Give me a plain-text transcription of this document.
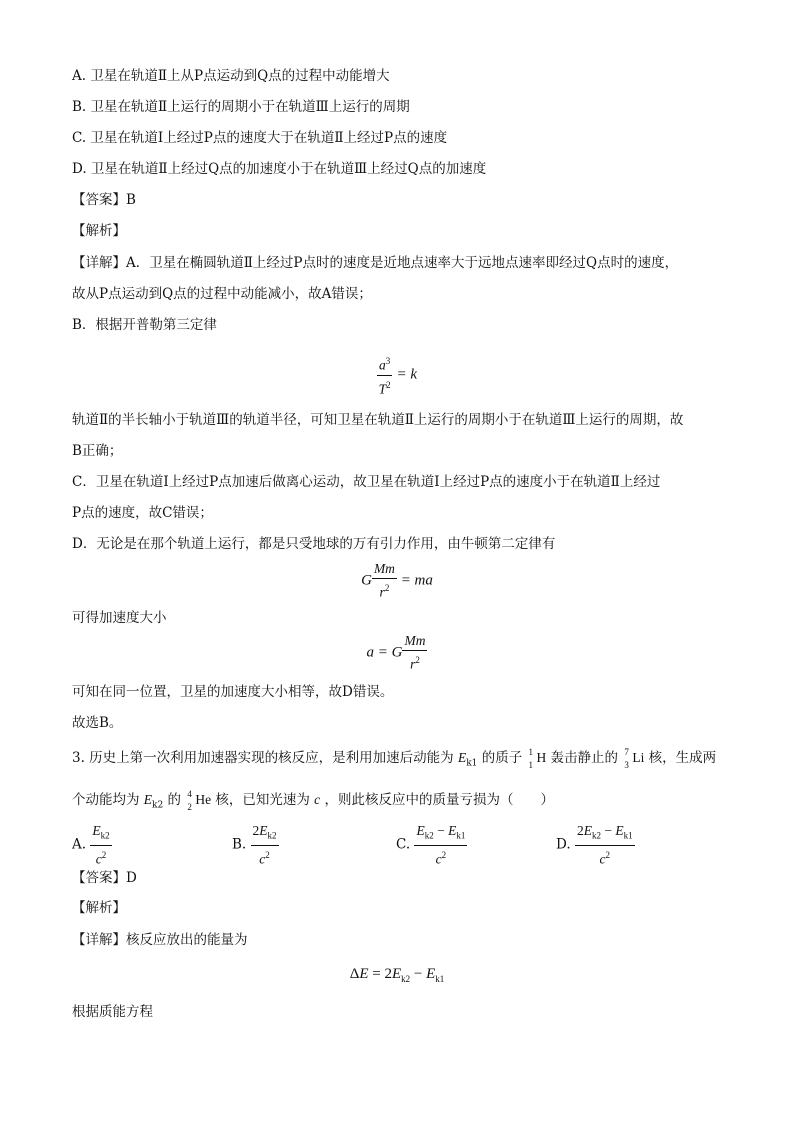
A. 卫星在轨道Ⅱ上从P点运动到Q点的过程中动能增大
B. 卫星在轨道Ⅱ上运行的周期小于在轨道Ⅲ上运行的周期
C. 卫星在轨道Ⅰ上经过P点的速度大于在轨道Ⅱ上经过P点的速度
D. 卫星在轨道Ⅱ上经过Q点的加速度小于在轨道Ⅲ上经过Q点的加速度
【答案】B
【解析】
【详解】A．卫星在椭圆轨道Ⅱ上经过P点时的速度是近地点速率大于远地点速率即经过Q点时的速度，
故从P点运动到Q点的过程中动能减小，故A错误；
B．根据开普勒第三定律
$\frac{a^3}{T^2} = k$
轨道Ⅱ的半长轴小于轨道Ⅲ的轨道半径，可知卫星在轨道Ⅱ上运行的周期小于在轨道Ⅲ上运行的周期，故
B正确；
C．卫星在轨道Ⅰ上经过P点加速后做离心运动，故卫星在轨道Ⅰ上经过P点的速度小于在轨道Ⅱ上经过
P点的速度，故C错误；
D．无论是在那个轨道上运行，都是只受地球的万有引力作用，由牛顿第二定律有
G $\frac{Mm}{r^2}$ = ma
可得加速度大小
a = G $\frac{Mm}{r^2}$
可知在同一位置，卫星的加速度大小相等，故D错误。
故选B。
3. 历史上第一次利用加速器实现的核反应，是利用加速后动能为 $E_{k1}$ 的质子 1
1 H 轰击静止的 7
3 Li 核，生成两
个动能均为 $E_{k2}$ 的 4
2 He 核，已知光速为 c ，则此核反应中的质量亏损为（　　）
A. $\frac{E_{k2}}{c^2}$	B. $\frac{2E_{k2}}{c^2}$	C. $\frac{E_{k2} - E_{k1}}{c^2}$	D. $\frac{2E_{k2} - E_{k1}}{c^2}$
【答案】D
【解析】
【详解】核反应放出的能量为
$\Delta E = 2E_{k2} - E_{k1}$
根据质能方程
